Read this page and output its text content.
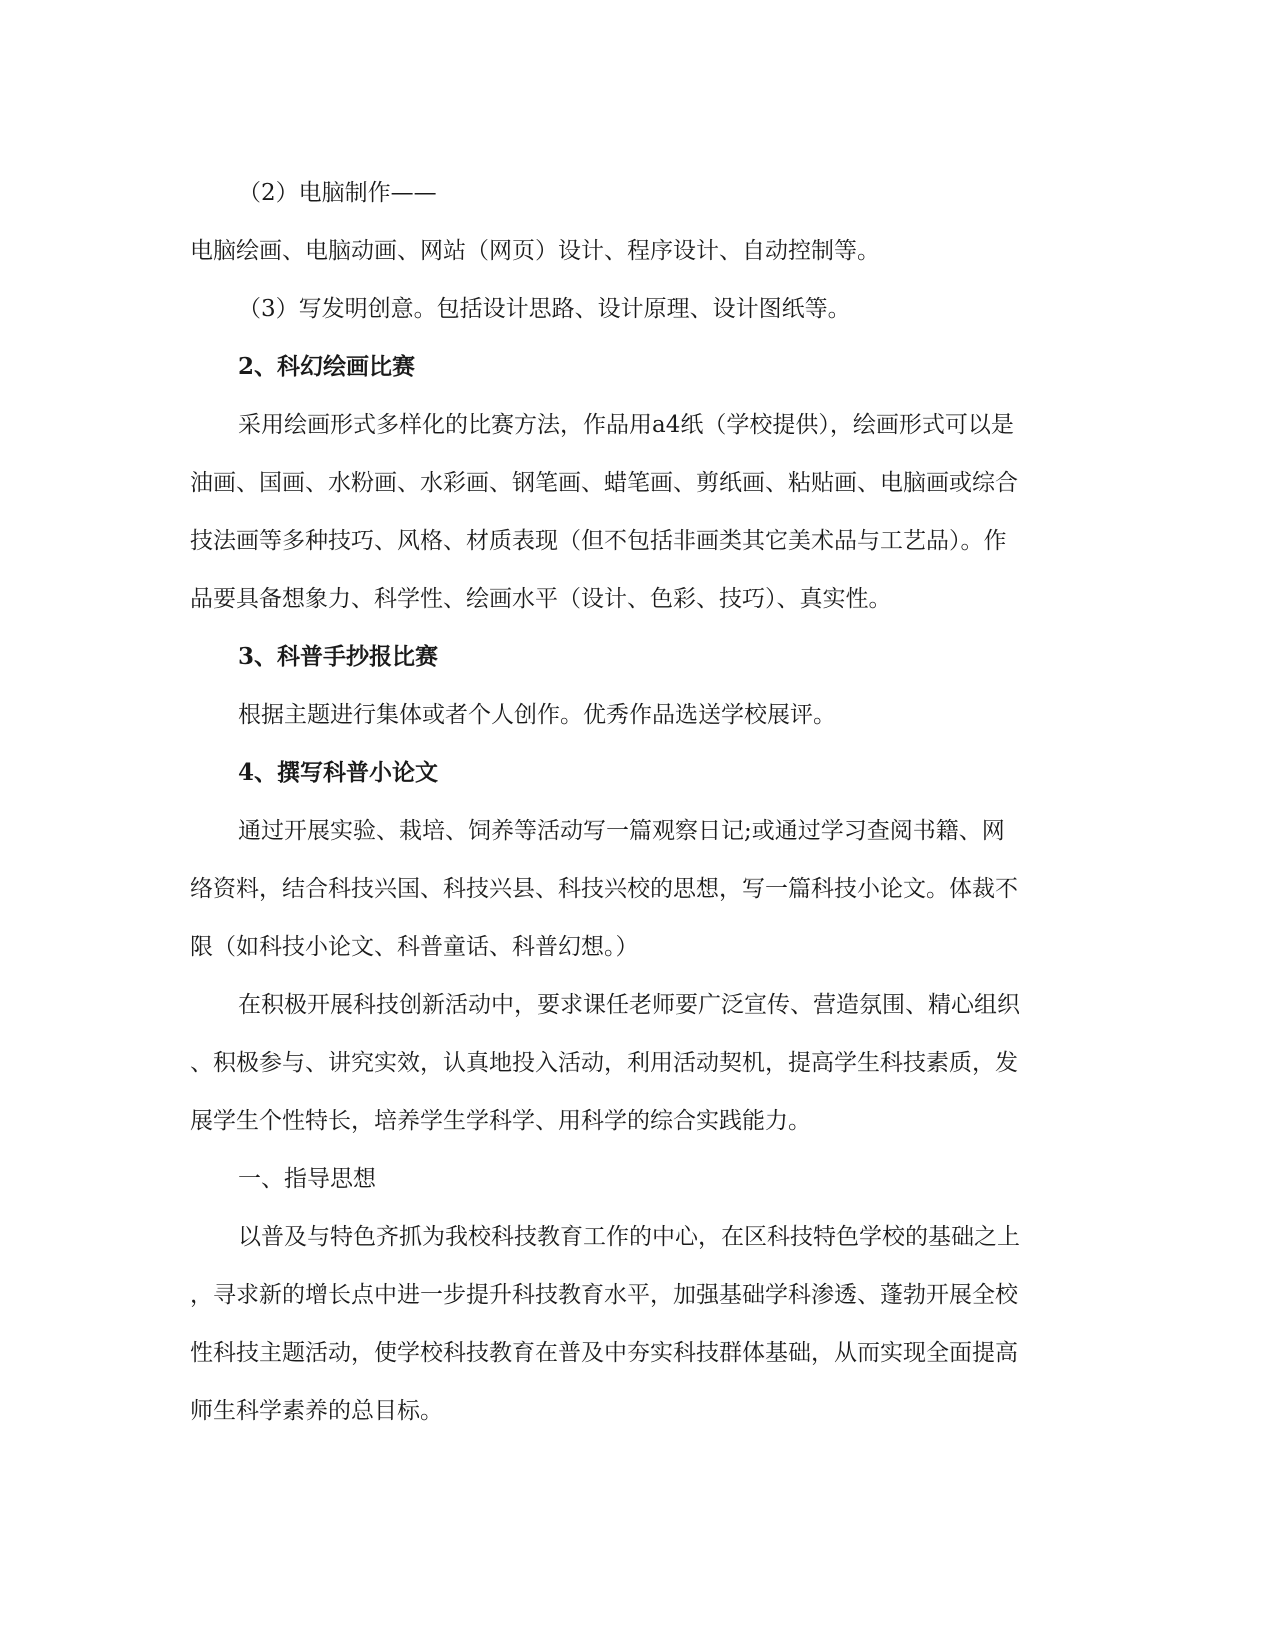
（2）电脑制作——
电脑绘画、电脑动画、网站（网页）设计、程序设计、自动控制等。
（3）写发明创意。包括设计思路、设计原理、设计图纸等。
2、科幻绘画比赛
采用绘画形式多样化的比赛方法，作品用a4纸（学校提供），绘画形式可以是
油画、国画、水粉画、水彩画、钢笔画、蜡笔画、剪纸画、粘贴画、电脑画或综合
技法画等多种技巧、风格、材质表现（但不包括非画类其它美术品与工艺品）。作
品要具备想象力、科学性、绘画水平（设计、色彩、技巧）、真实性。
3、科普手抄报比赛
根据主题进行集体或者个人创作。优秀作品选送学校展评。
4、撰写科普小论文
通过开展实验、栽培、饲养等活动写一篇观察日记;或通过学习查阅书籍、网
络资料，结合科技兴国、科技兴县、科技兴校的思想，写一篇科技小论文。体裁不
限（如科技小论文、科普童话、科普幻想。）
在积极开展科技创新活动中，要求课任老师要广泛宣传、营造氛围、精心组织
、积极参与、讲究实效，认真地投入活动，利用活动契机，提高学生科技素质，发
展学生个性特长，培养学生学科学、用科学的综合实践能力。
一、指导思想
以普及与特色齐抓为我校科技教育工作的中心，在区科技特色学校的基础之上
，寻求新的增长点中进一步提升科技教育水平，加强基础学科渗透、蓬勃开展全校
性科技主题活动，使学校科技教育在普及中夯实科技群体基础，从而实现全面提高
师生科学素养的总目标。
